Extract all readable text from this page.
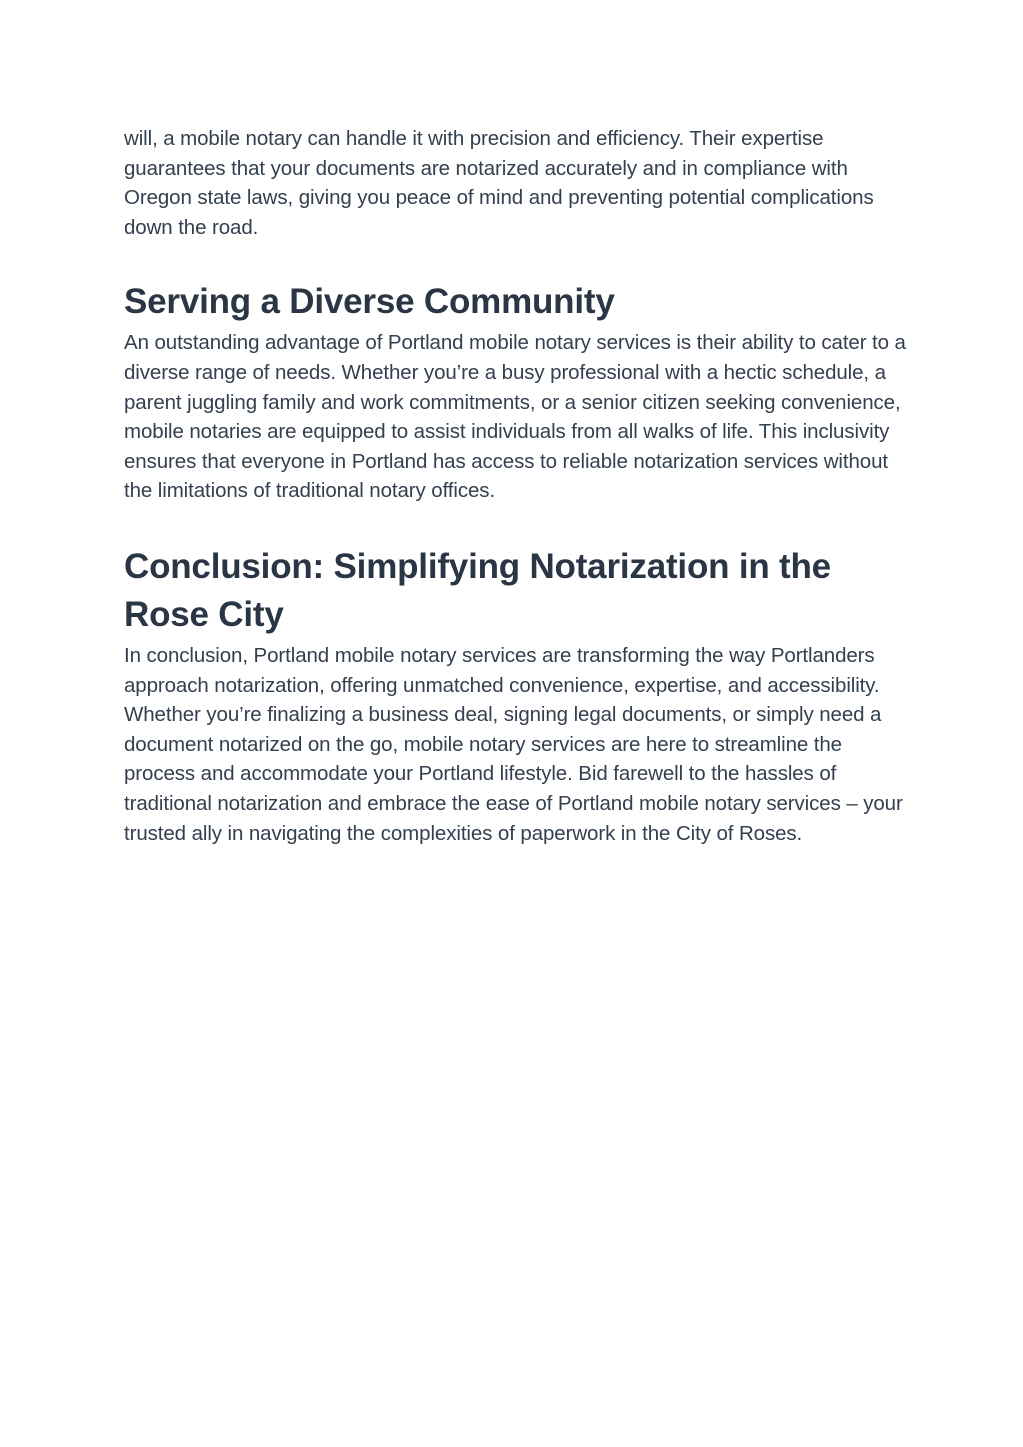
will, a mobile notary can handle it with precision and efficiency. Their expertise guarantees that your documents are notarized accurately and in compliance with Oregon state laws, giving you peace of mind and preventing potential complications down the road.

Serving a Diverse Community

An outstanding advantage of Portland mobile notary services is their ability to cater to a diverse range of needs. Whether you’re a busy professional with a hectic schedule, a parent juggling family and work commitments, or a senior citizen seeking convenience, mobile notaries are equipped to assist individuals from all walks of life. This inclusivity ensures that everyone in Portland has access to reliable notarization services without the limitations of traditional notary offices.

Conclusion: Simplifying Notarization in the Rose City

In conclusion, Portland mobile notary services are transforming the way Portlanders approach notarization, offering unmatched convenience, expertise, and accessibility. Whether you’re finalizing a business deal, signing legal documents, or simply need a document notarized on the go, mobile notary services are here to streamline the process and accommodate your Portland lifestyle. Bid farewell to the hassles of traditional notarization and embrace the ease of Portland mobile notary services – your trusted ally in navigating the complexities of paperwork in the City of Roses.
